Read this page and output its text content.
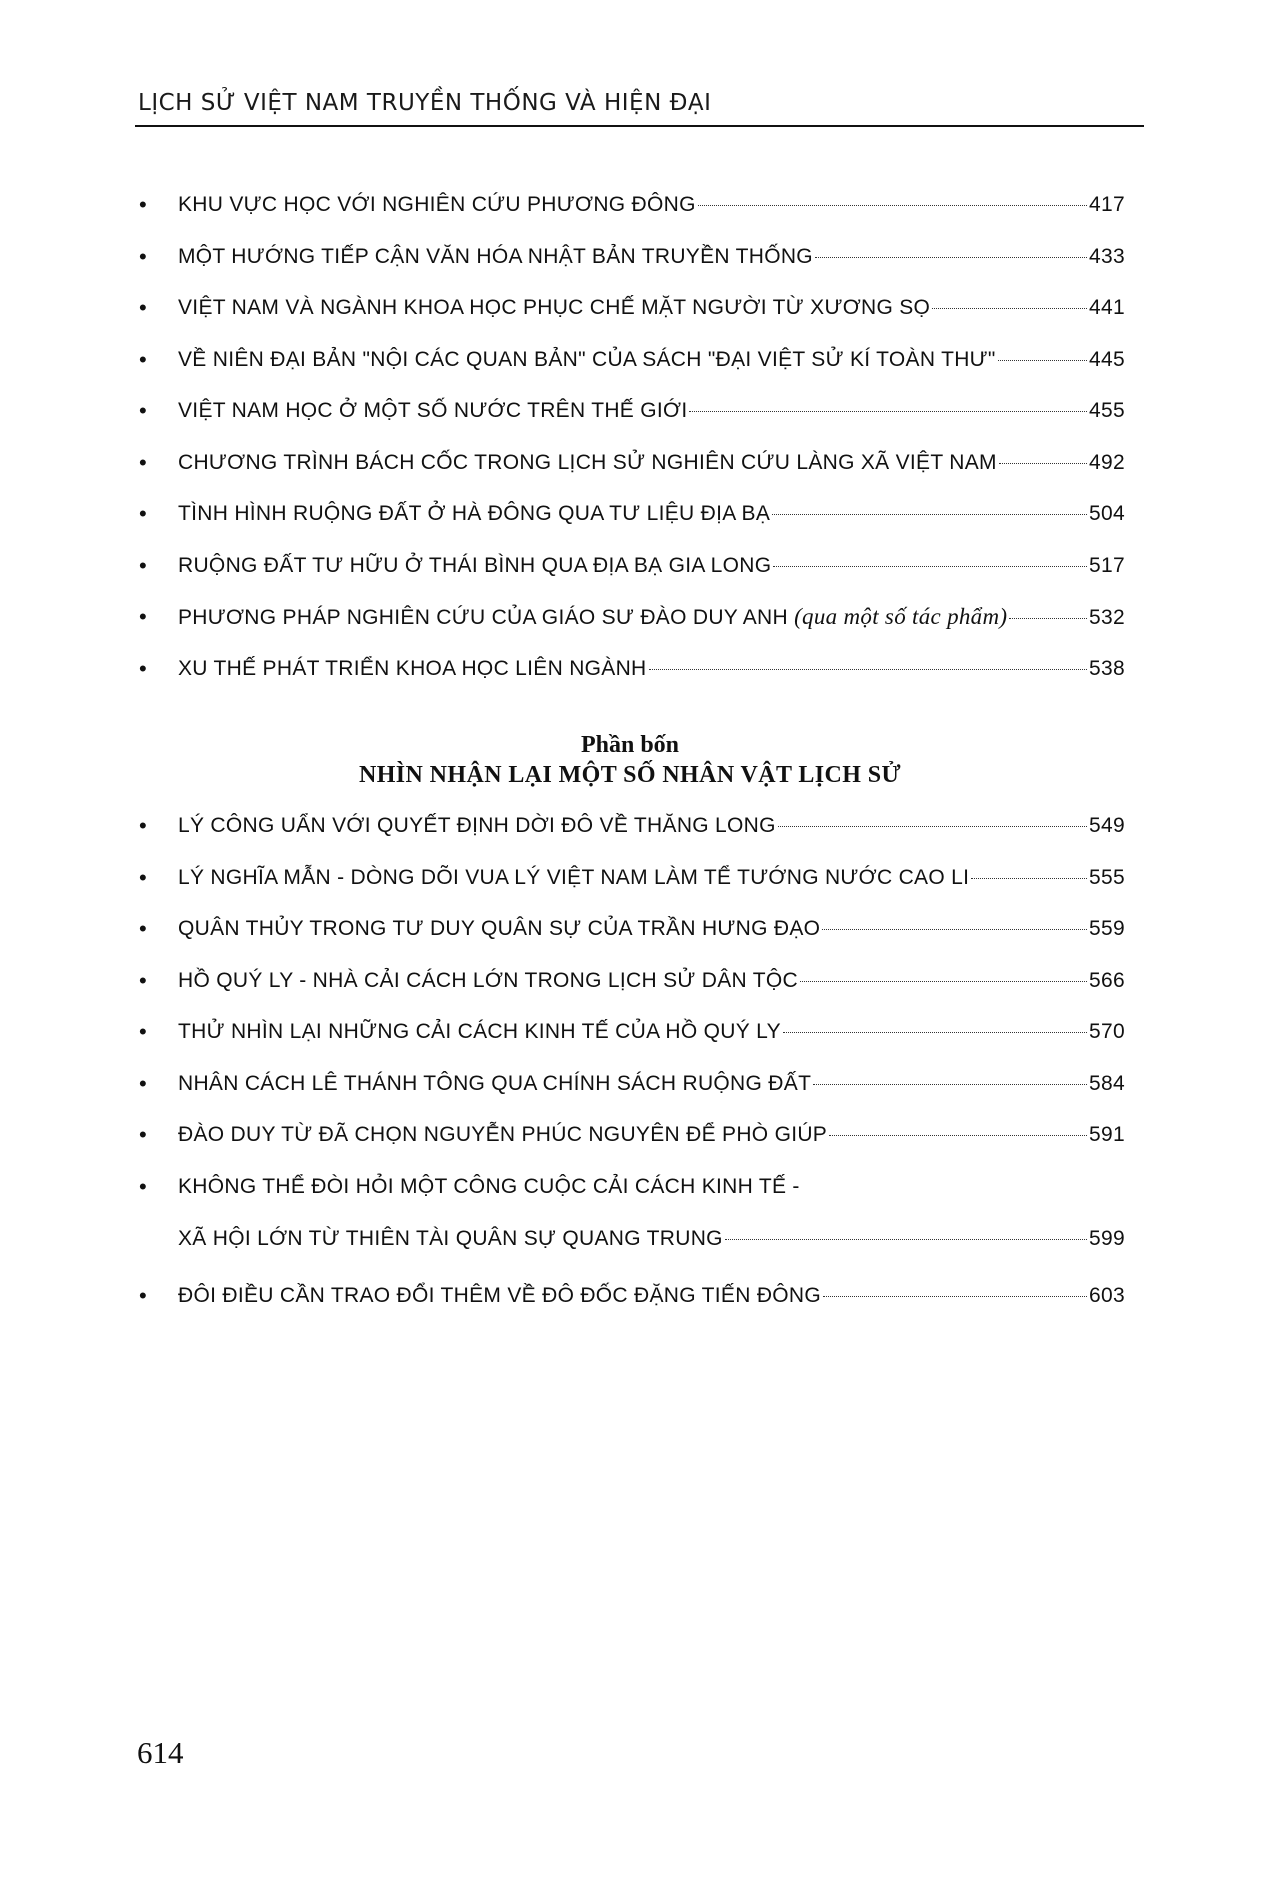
LỊCH SỬ VIỆT NAM TRUYỀN THỐNG VÀ HIỆN ĐẠI
•	KHU VỰC HỌC VỚI NGHIÊN CỨU PHƯƠNG ĐÔNG	417
•	MỘT HƯỚNG TIẾP CẬN VĂN HÓA NHẬT BẢN TRUYỀN THỐNG	433
•	VIỆT NAM VÀ NGÀNH KHOA HỌC PHỤC CHẾ MẶT NGƯỜI TỪ XƯƠNG SỌ	441
•	VỀ NIÊN ĐẠI BẢN "NỘI CÁC QUAN BẢN" CỦA SÁCH "ĐẠI VIỆT SỬ KÍ TOÀN THƯ"	445
•	VIỆT NAM HỌC Ở MỘT SỐ NƯỚC TRÊN THẾ GIỚI	455
•	CHƯƠNG TRÌNH BÁCH CỐC TRONG LỊCH SỬ NGHIÊN CỨU LÀNG XÃ VIỆT NAM	492
•	TÌNH HÌNH RUỘNG ĐẤT Ở HÀ ĐÔNG QUA TƯ LIỆU ĐỊA BẠ	504
•	RUỘNG ĐẤT TƯ HỮU Ở THÁI BÌNH QUA ĐỊA BẠ GIA LONG	517
•	PHƯƠNG PHÁP NGHIÊN CỨU CỦA GIÁO SƯ ĐÀO DUY ANH (qua một số tác phẩm)	532
•	XU THẾ PHÁT TRIỂN KHOA HỌC LIÊN NGÀNH	538
Phần bốn
NHÌN NHẬN LẠI MỘT SỐ NHÂN VẬT LỊCH SỬ
•	LÝ CÔNG UẨN VỚI QUYẾT ĐỊNH DỜI ĐÔ VỀ THĂNG LONG	549
•	LÝ NGHĨA MẪN - DÒNG DÕI VUA LÝ VIỆT NAM LÀM TỂ TƯỚNG NƯỚC CAO LI	555
•	QUÂN THỦY TRONG TƯ DUY QUÂN SỰ CỦA TRẦN HƯNG ĐẠO	559
•	HỒ QUÝ LY - NHÀ CẢI CÁCH LỚN TRONG LỊCH SỬ DÂN TỘC	566
•	THỬ NHÌN LẠI NHỮNG CẢI CÁCH KINH TẾ CỦA HỒ QUÝ LY	570
•	NHÂN CÁCH LÊ THÁNH TÔNG QUA CHÍNH SÁCH RUỘNG ĐẤT	584
•	ĐÀO DUY TỪ ĐÃ CHỌN NGUYỄN PHÚC NGUYÊN ĐỂ PHÒ GIÚP	591
•	KHÔNG THỂ ĐÒI HỎI MỘT CÔNG CUỘC CẢI CÁCH KINH TẾ -
XÃ HỘI LỚN TỪ THIÊN TÀI QUÂN SỰ QUANG TRUNG	599
•	ĐÔI ĐIỀU CẦN TRAO ĐỔI THÊM VỀ ĐÔ ĐỐC ĐẶNG TIẾN ĐÔNG	603
614
